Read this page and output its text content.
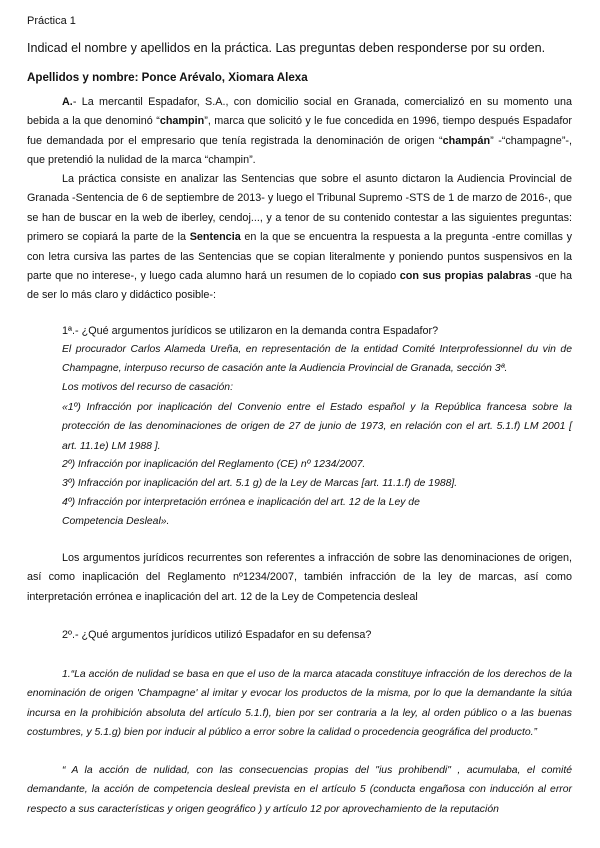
Práctica 1
Indicad el nombre y apellidos en la práctica. Las preguntas deben responderse por su orden.
Apellidos y nombre: Ponce Arévalo, Xiomara Alexa
A.- La mercantil Espadafor, S.A., con domicilio social en Granada, comercializó en su momento una bebida a la que denominó “champin”, marca que solicitó y le fue concedida en 1996, tiempo después Espadafor fue demandada por el empresario que tenía registrada la denominación de origen “champán” -“champagne”-, que pretendió la nulidad de la marca “champin”.
La práctica consiste en analizar las Sentencias que sobre el asunto dictaron la Audiencia Provincial de Granada -Sentencia de 6 de septiembre de 2013- y luego el Tribunal Supremo -STS de 1 de marzo de 2016-, que se han de buscar en la web de iberley, cendoj..., y a tenor de su contenido contestar a las siguientes preguntas: primero se copiará la parte de la Sentencia en la que se encuentra la respuesta a la pregunta -entre comillas y con letra cursiva las partes de las Sentencias que se copian literalmente y poniendo puntos suspensivos en la parte que no interese-, y luego cada alumno hará un resumen de lo copiado con sus propias palabras -que ha de ser lo más claro y didáctico posible-:
1ª.- ¿Qué argumentos jurídicos se utilizaron en la demanda contra Espadafor?
El procurador Carlos Alameda Ureña, en representación de la entidad Comité Interprofessionnel du vin de Champagne, interpuso recurso de casación ante la Audiencia Provincial de Granada, sección 3ª.
Los motivos del recurso de casación:
«1º) Infracción por inaplicación del Convenio entre el Estado español y la República francesa sobre la protección de las denominaciones de origen de 27 de junio de 1973, en relación con el art. 5.1.f) LM 2001 [ art. 11.1e) LM 1988 ].
2º) Infracción por inaplicación del Reglamento (CE) nº 1234/2007.
3º) Infracción por inaplicación del art. 5.1 g) de la Ley de Marcas [art. 11.1.f) de 1988].
4º) Infracción por interpretación errónea e inaplicación del art. 12 de la Ley de
Competencia Desleal».
Los argumentos jurídicos recurrentes son referentes a infracción de sobre las denominaciones de origen, así como inaplicación del Reglamento nº1234/2007, también infracción de la ley de marcas, así como interpretación errónea e inaplicación del art. 12 de la Ley de Competencia desleal
2º.- ¿Qué argumentos jurídicos utilizó Espadafor en su defensa?
1.“La acción de nulidad se basa en que el uso de la marca atacada constituye infracción de los derechos de la enominación de origen 'Champagne' al imitar y evocar los productos de la misma, por lo que la demandante la sitúa incursa en la prohibición absoluta del artículo 5.1.f), bien por ser contraria a la ley, al orden público o a las buenas costumbres, y 5.1.g) bien por inducir al público a error sobre la calidad o procedencia geográfica del producto.”
“ A la acción de nulidad, con las consecuencias propias del "ius prohibendi" , acumulaba, el comité demandante, la acción de competencia desleal prevista en el artículo 5 (conducta engañosa con inducción al error respecto a sus características y origen geográfico ) y artículo 12 por aprovechamiento de la reputación
